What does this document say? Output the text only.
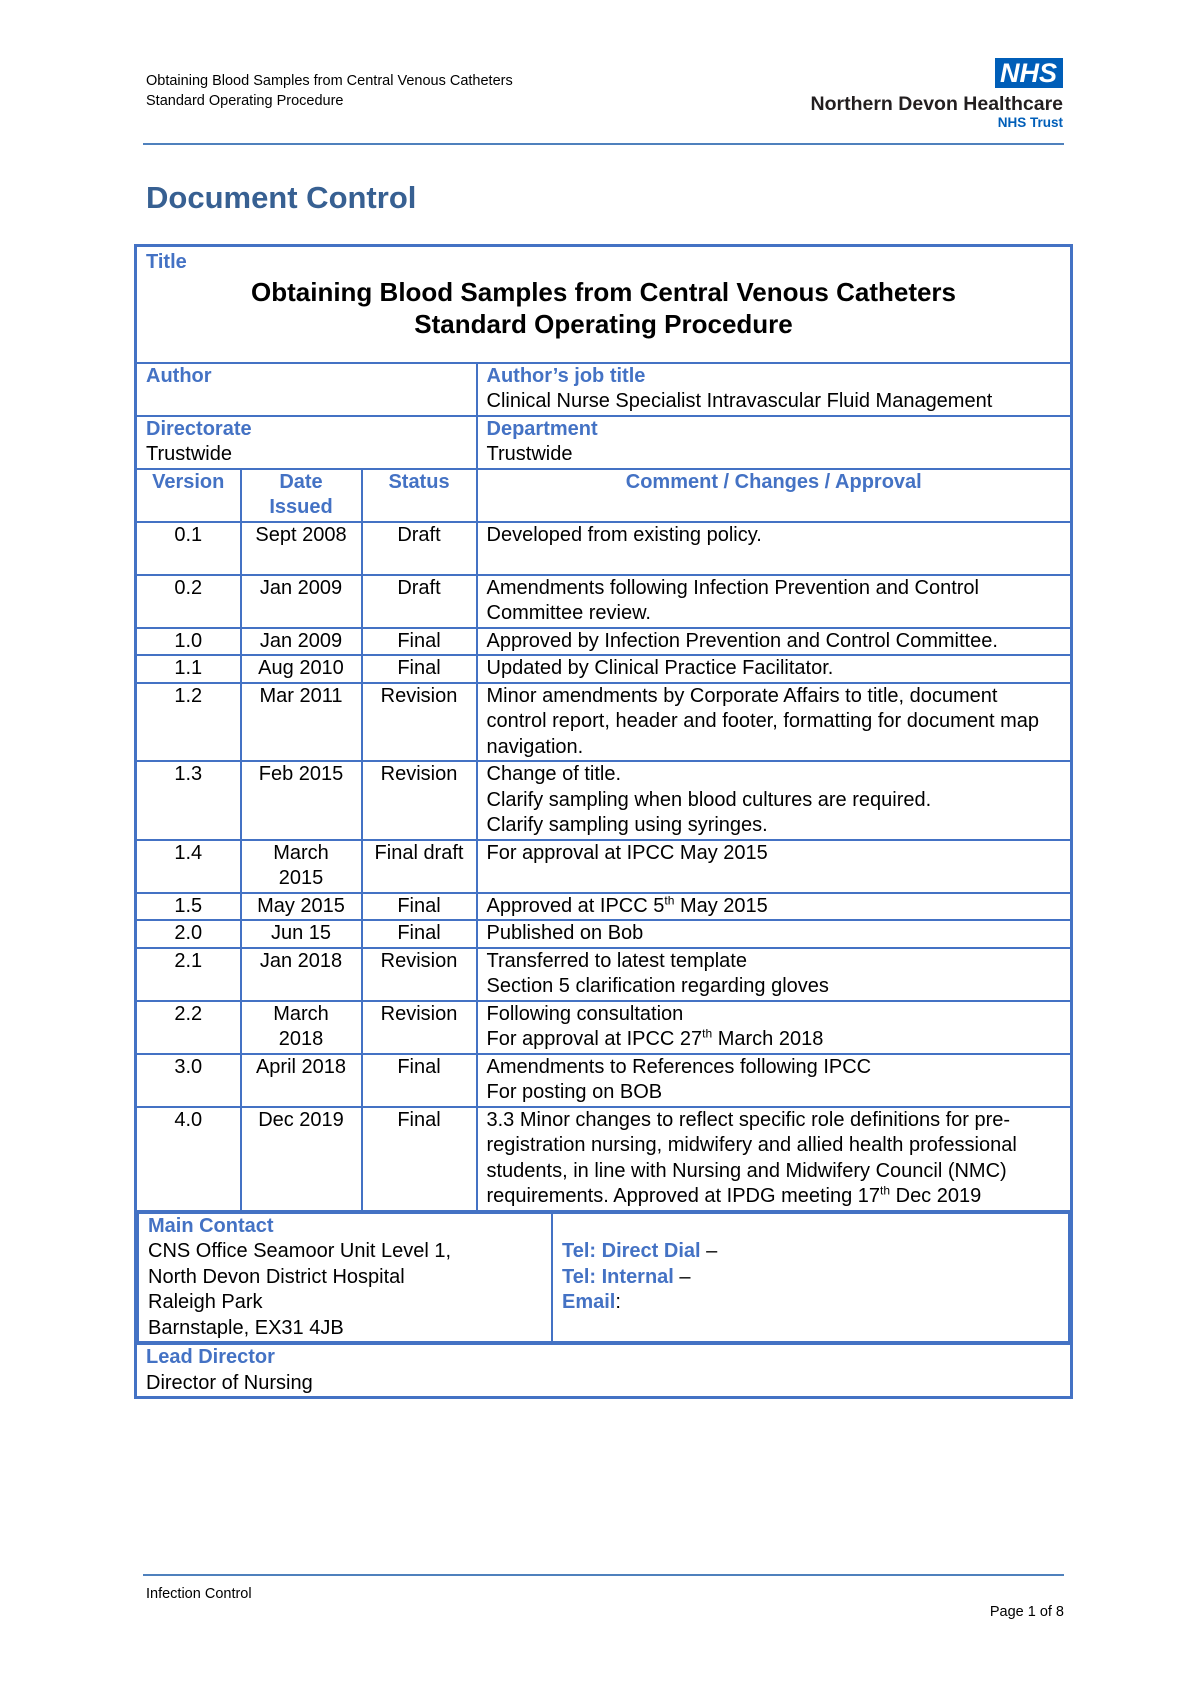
Obtaining Blood Samples from Central Venous Catheters
Standard Operating Procedure
NHS
Northern Devon Healthcare
NHS Trust
Document Control
Title
Obtaining Blood Samples from Central Venous Catheters
Standard Operating Procedure

Author	Author’s job title
Clinical Nurse Specialist Intravascular Fluid Management

Directorate
Trustwide

Department
Trustwide

Version	Date Issued	Status	Comment / Changes / Approval
0.1	Sept 2008	Draft	Developed from existing policy.
0.2	Jan 2009	Draft	Amendments following Infection Prevention and Control Committee review.
1.0	Jan 2009	Final	Approved by Infection Prevention and Control Committee.
1.1	Aug 2010	Final	Updated by Clinical Practice Facilitator.
1.2	Mar 2011	Revision	Minor amendments by Corporate Affairs to title, document control report, header and footer, formatting for document map navigation.
1.3	Feb 2015	Revision	Change of title.
Clarify sampling when blood cultures are required.
Clarify sampling using syringes.

1.4	March 2015	Final draft	For approval at IPCC May 2015
1.5	May 2015	Final	Approved at IPCC 5th May 2015
2.0	Jun 15	Final	Published on Bob
2.1	Jan 2018	Revision	Transferred to latest template
Section 5 clarification regarding gloves

2.2	March 2018	Revision	Following consultation
For approval at IPCC 27th March 2018

3.0	April 2018	Final	Amendments to References following IPCC
For posting on BOB

4.0	Dec 2019	Final	3.3 Minor changes to reflect specific role definitions for pre-registration nursing, midwifery and allied health professional students, in line with Nursing and Midwifery Council (NMC) requirements. Approved at IPDG meeting 17th Dec 2019

Main Contact
CNS Office Seamoor Unit Level 1,
North Devon District Hospital
Raleigh Park
Barnstaple, EX31 4JB

Tel: Direct Dial –
Tel: Internal –
Email:

Lead Director
Director of Nursing
Infection Control
Page 1 of 8
